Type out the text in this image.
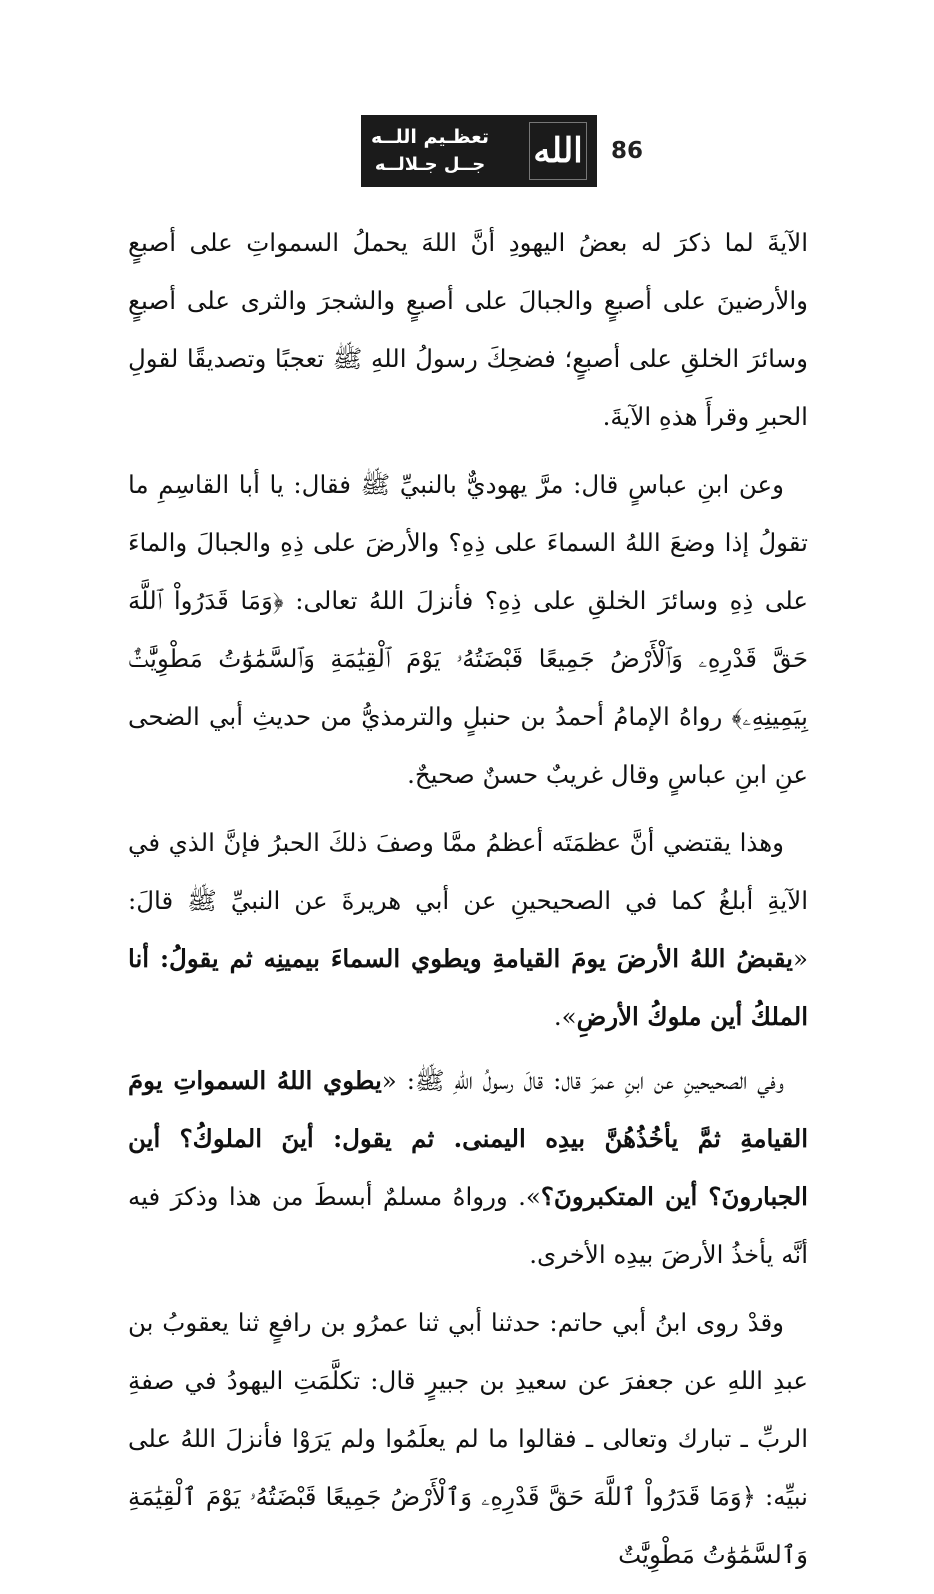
تعظـيم اللــه
جــل جـلالــه الله 86

الآيةَ لما ذكرَ له بعضُ اليهودِ أنَّ اللهَ يحملُ السمواتِ على أصبعٍ والأرضينَ على أصبعٍ والجبالَ على أصبعٍ والشجرَ والثرى على أصبعٍ وسائرَ الخلقِ على أصبعٍ؛ فضحِكَ رسولُ اللهِ ﷺ تعجبًا وتصديقًا لقولِ الحبرِ وقرأَ هذهِ الآيةَ.

وعن ابنِ عباسٍ قال: مرَّ يهوديٌّ بالنبيِّ ﷺ فقال: يا أبا القاسِمِ ما تقولُ إذا وضعَ اللهُ السماءَ على ذِهِ؟ والأرضَ على ذِهِ والجبالَ والماءَ على ذِهِ وسائرَ الخلقِ على ذِهِ؟ فأنزلَ اللهُ تعالى: ﴿وَمَا قَدَرُواْ ٱللَّهَ حَقَّ قَدْرِهِۦ وَٱلْأَرْضُ جَمِيعًا قَبْضَتُهُۥ يَوْمَ ٱلْقِيَٰمَةِ وَٱلسَّمَٰوَٰتُ مَطْوِيَّٰتٌۢ بِيَمِينِهِۦ﴾ رواهُ الإمامُ أحمدُ بن حنبلٍ والترمذيُّ من حديثِ أبي الضحى عنِ ابنِ عباسٍ وقال غريبٌ حسنٌ صحيحٌ.

وهذا يقتضي أنَّ عظمَتَه أعظمُ ممَّا وصفَ ذلكَ الحبرُ فإنَّ الذي في الآيةِ أبلغُ كما في الصحيحينِ عن أبي هريرةَ عن النبيِّ ﷺ قالَ: «يقبضُ اللهُ الأرضَ يومَ القيامةِ ويطوي السماءَ بيمينِه ثم يقولُ: أنا الملكُ أين ملوكُ الأرضِ».

وفي الصحيحينِ عن ابنِ عمرَ قال: قالَ رسولُ اللهِ ﷺ: «يطوي اللهُ السمواتِ يومَ القيامةِ ثمَّ يأخُذُهُنَّ بيدِه اليمنى. ثم يقول: أينَ الملوكُ؟ أين الجبارونَ؟ أين المتكبرونَ؟». ورواهُ مسلمٌ أبسطَ من هذا وذكرَ فيه أنَّه يأخذُ الأرضَ بيدِه الأخرى.

وقدْ روى ابنُ أبي حاتم: حدثنا أبي ثنا عمرُو بن رافعٍ ثنا يعقوبُ بن عبدِ اللهِ عن جعفرَ عن سعيدِ بن جبيرٍ قال: تكلَّمَتِ اليهودُ في صفةِ الربِّ ـ تبارك وتعالى ـ فقالوا ما لم يعلَمُوا ولم يَرَوْا فأنزلَ اللهُ على نبيِّه: ﴿وَمَا قَدَرُواْ ٱللَّهَ حَقَّ قَدْرِهِۦ وَٱلْأَرْضُ جَمِيعًا قَبْضَتُهُۥ يَوْمَ ٱلْقِيَٰمَةِ وَٱلسَّمَٰوَٰتُ مَطْوِيَّٰتٌ
